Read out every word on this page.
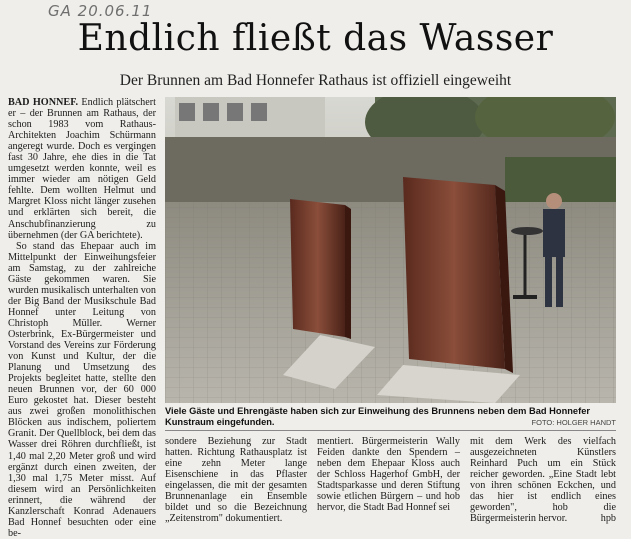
GA 20.06.11
Endlich fließt das Wasser
Der Brunnen am Bad Honnefer Rathaus ist offiziell eingeweiht

BAD HONNEF. Endlich plätschert er – der Brunnen am Rathaus, der schon 1983 vom Rathaus-Architekten Joachim Schürmann angeregt wurde. Doch es vergingen fast 30 Jahre, ehe dies in die Tat umgesetzt werden konnte, weil es immer wieder am nötigen Geld fehlte. Dem wollten Helmut und Margret Kloss nicht länger zusehen und erklärten sich bereit, die Anschubfinanzierung zu übernehmen (der GA berichtete).

So stand das Ehepaar auch im Mittelpunkt der Einweihungsfeier am Samstag, zu der zahlreiche Gäste gekommen waren. Sie wurden musikalisch unterhalten von der Big Band der Musikschule Bad Honnef unter Leitung von Christoph Müller. Werner Osterbrink, Ex-Bürgermeister und Vorstand des Vereins zur Förderung von Kunst und Kultur, der die Planung und Umsetzung des Projekts begleitet hatte, stellte den neuen Brunnen vor, der 60 000 Euro gekostet hat. Dieser besteht aus zwei großen monolithischen Blöcken aus indischem, poliertem Granit. Der Quellblock, bei dem das Wasser drei Röhren durchfließt, ist 1,40 mal 2,20 Meter groß und wird ergänzt durch einen zweiten, der 1,30 mal 1,75 Meter misst. Auf diesem wird an Persönlichkeiten erinnert, die während der Kanzlerschaft Konrad Adenauers Bad Honnef besuchten oder eine be-

Viele Gäste und Ehrengäste haben sich zur Einweihung des Brunnens neben dem Bad Honnefer Kunstraum eingefunden.	FOTO: HOLGER HANDT

sondere Beziehung zur Stadt hatten. Richtung Rathausplatz ist eine zehn Meter lange Eisenschiene in das Pflaster eingelassen, die mit der gesamten Brunnenanlage ein Ensemble bildet und so die Bezeichnung „Zeitenstrom" dokumentiert.

mentiert. Bürgermeisterin Wally Feiden dankte den Spendern – neben dem Ehepaar Kloss auch der Schloss Hagerhof GmbH, der Stadtsparkasse und deren Stiftung sowie etlichen Bürgern – und hob hervor, die Stadt Bad Honnef sei

mit dem Werk des vielfach ausgezeichneten Künstlers Reinhard Puch um ein Stück reicher geworden. „Eine Stadt lebt von ihren schönen Eckchen, und das hier ist endlich eines geworden", hob die Bürgermeisterin hervor.	hpb
